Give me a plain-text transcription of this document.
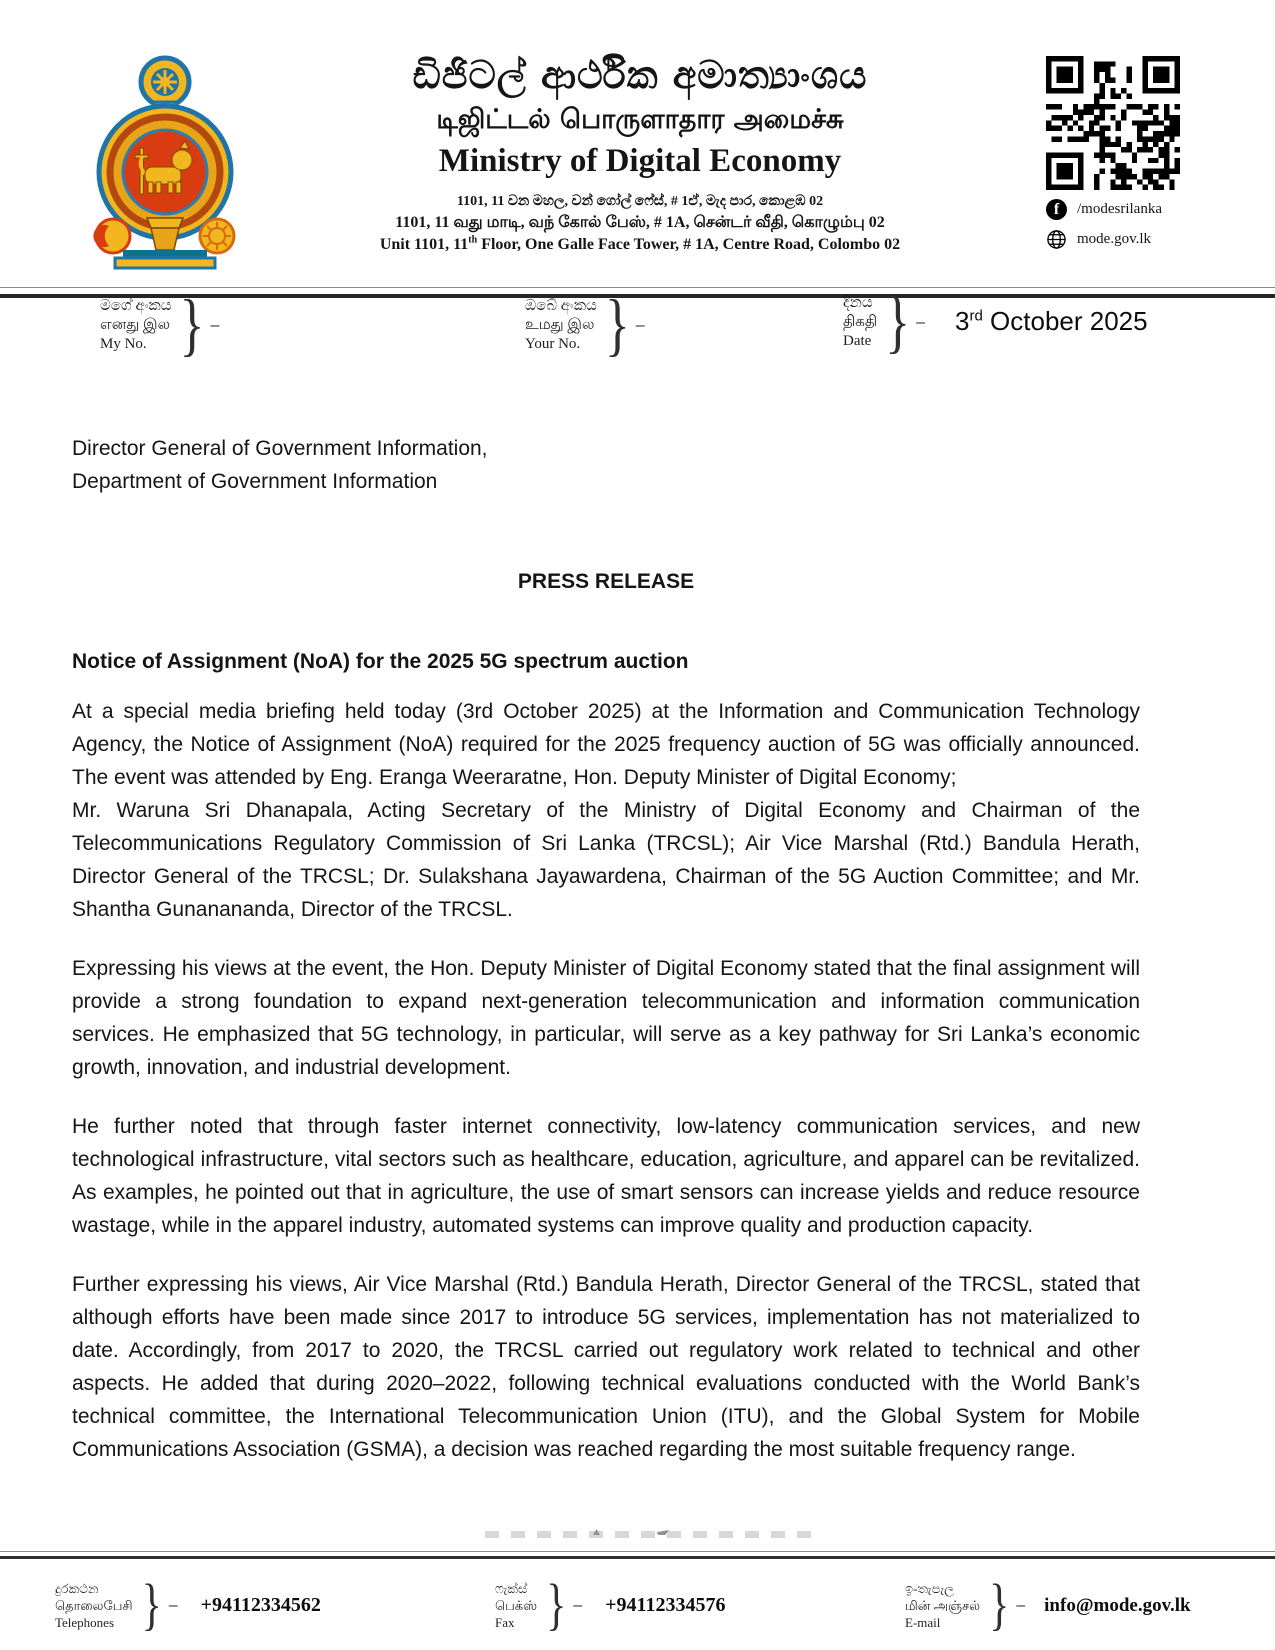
ඩිජිටල් ආර්ථික අමාත්‍යාංශය
டிஜிட்டல் பொருளாதார அமைச்சு
Ministry of Digital Economy
1101, 11 වන මහල, වන් ගෝල් ෆේස්, # 1ඒ, මැද පාර, කොළඹ 02
1101, 11 வது மாடி, வந் கோல் பேஸ், # 1A, சென்டர் வீதி, கொழும்பு 02
Unit 1101, 11th Floor, One Galle Face Tower, # 1A, Centre Road, Colombo 02
f /modesrilanka
mode.gov.lk
මගේ අංකය
எனது இல
My No. } –
ඔබේ අංකය
உமது இல
Your No. } –
දිනය
திகதி
Date } – 3rd October 2025
Director General of Government Information,
Department of Government Information
PRESS RELEASE
Notice of Assignment (NoA) for the 2025 5G spectrum auction

At a special media briefing held today (3rd October 2025) at the Information and Communication Technology Agency, the Notice of Assignment (NoA) required for the 2025 frequency auction of 5G was officially announced. The event was attended by Eng. Eranga Weeraratne, Hon. Deputy Minister of Digital Economy;
Mr. Waruna Sri Dhanapala, Acting Secretary of the Ministry of Digital Economy and Chairman of the Telecommunications Regulatory Commission of Sri Lanka (TRCSL); Air Vice Marshal (Rtd.) Bandula Herath, Director General of the TRCSL; Dr. Sulakshana Jayawardena, Chairman of the 5G Auction Committee; and Mr. Shantha Gunanananda, Director of the TRCSL.

Expressing his views at the event, the Hon. Deputy Minister of Digital Economy stated that the final assignment will provide a strong foundation to expand next-generation telecommunication and information communication services. He emphasized that 5G technology, in particular, will serve as a key pathway for Sri Lanka’s economic growth, innovation, and industrial development.

He further noted that through faster internet connectivity, low-latency communication services, and new technological infrastructure, vital sectors such as healthcare, education, agriculture, and apparel can be revitalized. As examples, he pointed out that in agriculture, the use of smart sensors can increase yields and reduce resource wastage, while in the apparel industry, automated systems can improve quality and production capacity.

Further expressing his views, Air Vice Marshal (Rtd.) Bandula Herath, Director General of the TRCSL, stated that although efforts have been made since 2017 to introduce 5G services, implementation has not materialized to date. Accordingly, from 2017 to 2020, the TRCSL carried out regulatory work related to technical and other aspects. He added that during 2020–2022, following technical evaluations conducted with the World Bank’s technical committee, the International Telecommunication Union (ITU), and the Global System for Mobile Communications Association (GSMA), a decision was reached regarding the most suitable frequency range.

දුරකථන
தொலைபேசி
Telephones } – +94112334562
ෆැක්ස්
பெக்ஸ்
Fax } – +94112334576
ඉ-තැපැල
மின் அஞ்சல்
E-mail	} – info@mode.gov.lk
